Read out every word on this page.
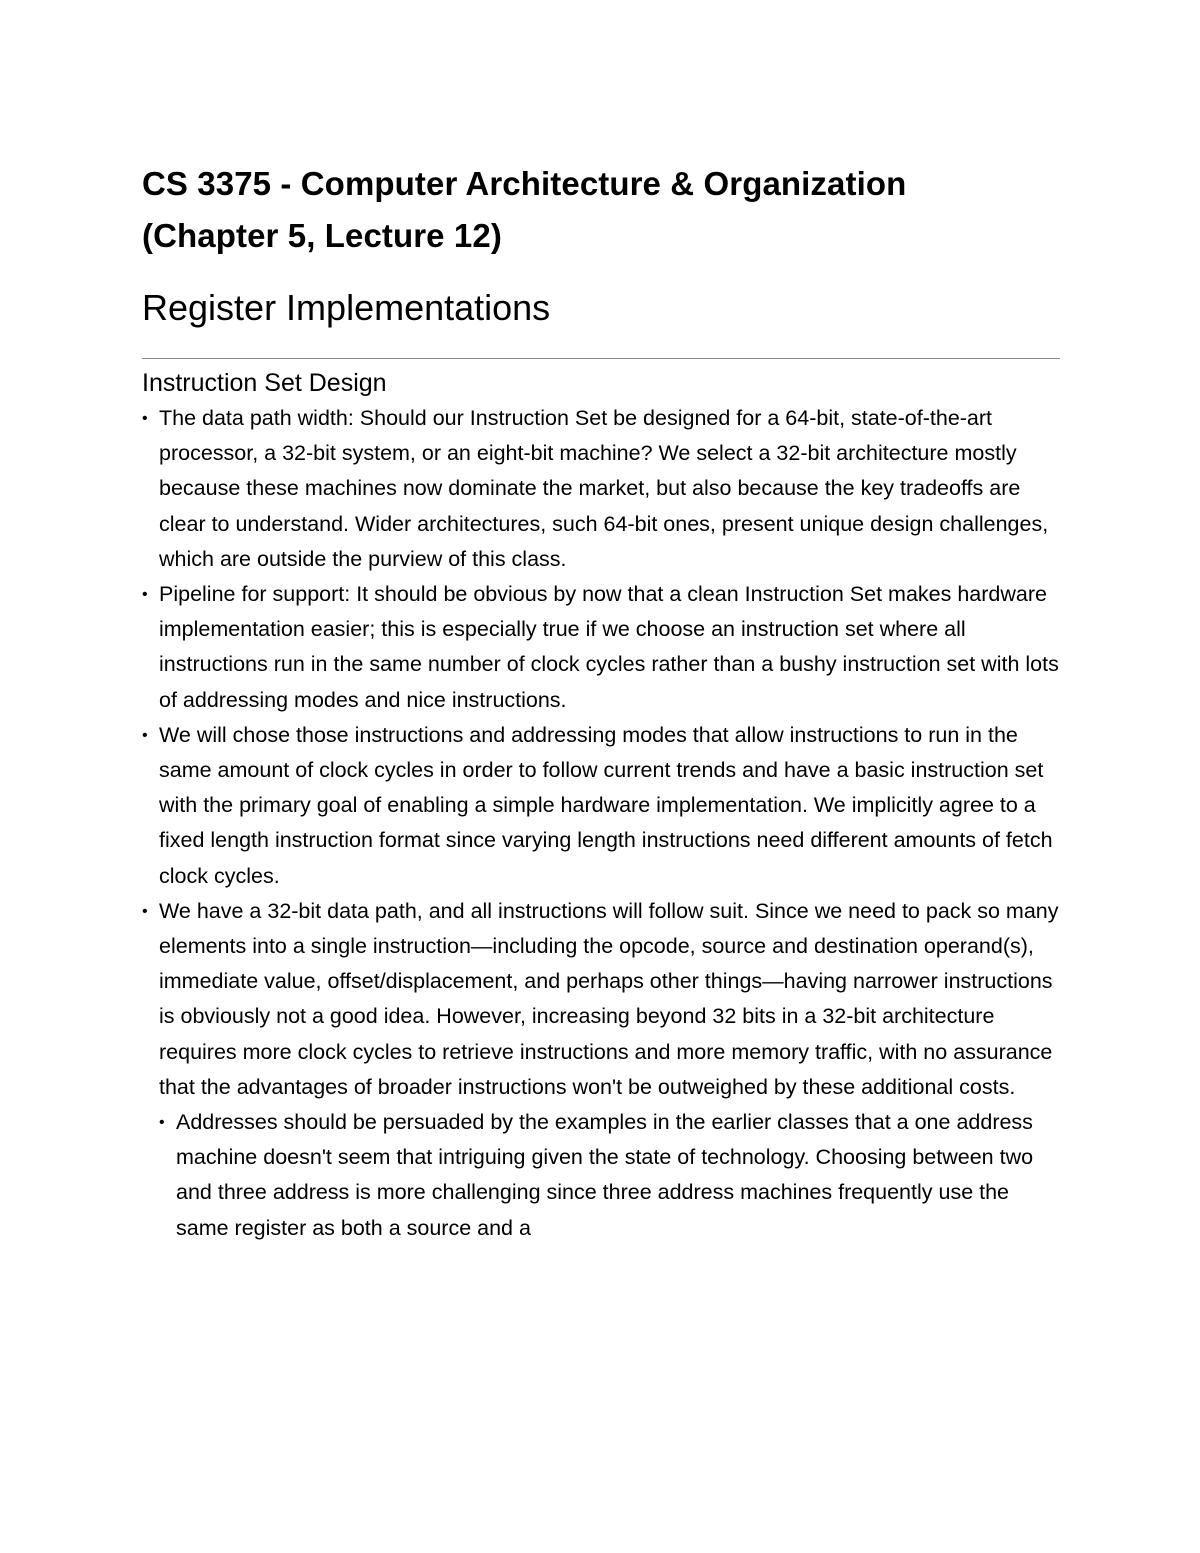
CS 3375 - Computer Architecture & Organization
(Chapter 5, Lecture 12)
Register Implementations
Instruction Set Design
• The data path width: Should our Instruction Set be designed for a 64-bit, state-of-the-art processor, a 32-bit system, or an eight-bit machine? We select a 32-bit architecture mostly because these machines now dominate the market, but also because the key tradeoffs are clear to understand. Wider architectures, such 64-bit ones, present unique design challenges, which are outside the purview of this class.
• Pipeline for support: It should be obvious by now that a clean Instruction Set makes hardware implementation easier; this is especially true if we choose an instruction set where all instructions run in the same number of clock cycles rather than a bushy instruction set with lots of addressing modes and nice instructions.
• We will chose those instructions and addressing modes that allow instructions to run in the same amount of clock cycles in order to follow current trends and have a basic instruction set with the primary goal of enabling a simple hardware implementation. We implicitly agree to a fixed length instruction format since varying length instructions need different amounts of fetch clock cycles.
• We have a 32-bit data path, and all instructions will follow suit. Since we need to pack so many elements into a single instruction—including the opcode, source and destination operand(s), immediate value, offset/displacement, and perhaps other things—having narrower instructions is obviously not a good idea. However, increasing beyond 32 bits in a 32-bit architecture requires more clock cycles to retrieve instructions and more memory traffic, with no assurance that the advantages of broader instructions won't be outweighed by these additional costs.
• Addresses should be persuaded by the examples in the earlier classes that a one address machine doesn't seem that intriguing given the state of technology. Choosing between two and three address is more challenging since three address machines frequently use the same register as both a source and a
